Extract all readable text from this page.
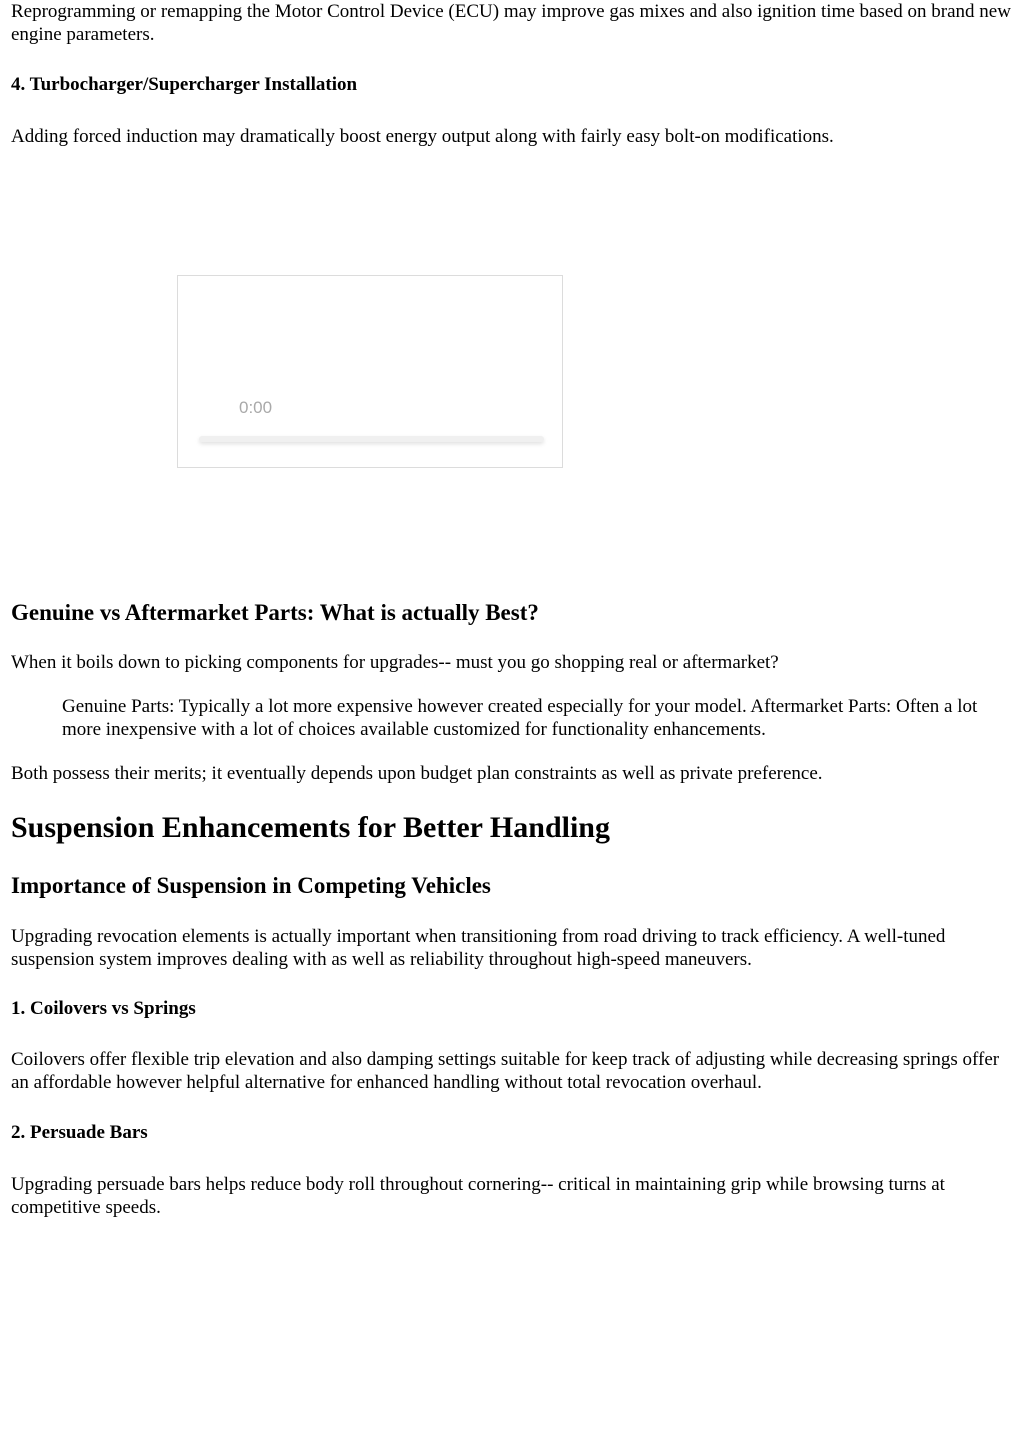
Reprogramming or remapping the Motor Control Device (ECU) may improve gas mixes and also ignition time based on brand new engine parameters.

4. Turbocharger/Supercharger Installation

Adding forced induction may dramatically boost energy output along with fairly easy bolt-on modifications.

0:00
Genuine vs Aftermarket Parts: What is actually Best?

When it boils down to picking components for upgrades-- must you go shopping real or aftermarket?

Genuine Parts: Typically a lot more expensive however created especially for your model. Aftermarket Parts: Often a lot more inexpensive with a lot of choices available customized for functionality enhancements.

Both possess their merits; it eventually depends upon budget plan constraints as well as private preference.

Suspension Enhancements for Better Handling
Importance of Suspension in Competing Vehicles

Upgrading revocation elements is actually important when transitioning from road driving to track efficiency. A well-tuned suspension system improves dealing with as well as reliability throughout high-speed maneuvers.

1. Coilovers vs Springs

Coilovers offer flexible trip elevation and also damping settings suitable for keep track of adjusting while decreasing springs offer an affordable however helpful alternative for enhanced handling without total revocation overhaul.

2. Persuade Bars

Upgrading persuade bars helps reduce body roll throughout cornering-- critical in maintaining grip while browsing turns at competitive speeds.
